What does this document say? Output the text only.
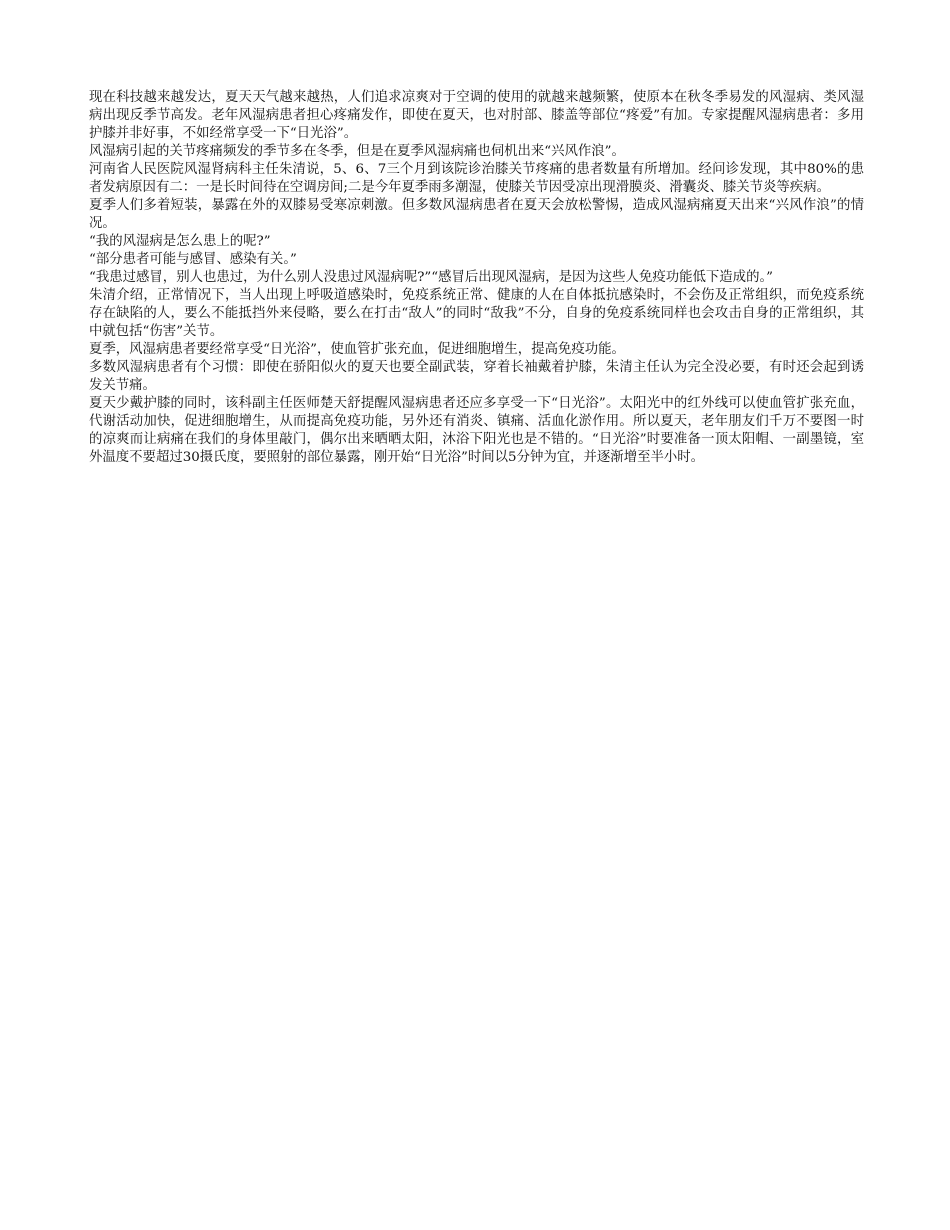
现在科技越来越发达，夏天天气越来越热，人们追求凉爽对于空调的使用的就越来越频繁，使原本在秋冬季易发的风湿病、类风湿病出现反季节高发。老年风湿病患者担心疼痛发作，即使在夏天，也对肘部、膝盖等部位“疼爱”有加。专家提醒风湿病患者：多用护膝并非好事，不如经常享受一下“日光浴”。

风湿病引起的关节疼痛频发的季节多在冬季，但是在夏季风湿病痛也伺机出来“兴风作浪”。

河南省人民医院风湿肾病科主任朱清说，5、6、7三个月到该院诊治膝关节疼痛的患者数量有所增加。经问诊发现，其中80%的患者发病原因有二：一是长时间待在空调房间;二是今年夏季雨多潮湿，使膝关节因受凉出现滑膜炎、滑囊炎、膝关节炎等疾病。

夏季人们多着短装，暴露在外的双膝易受寒凉刺激。但多数风湿病患者在夏天会放松警惕，造成风湿病痛夏天出来“兴风作浪”的情况。

“我的风湿病是怎么患上的呢?”

“部分患者可能与感冒、感染有关。”

“我患过感冒，别人也患过，为什么别人没患过风湿病呢?”“感冒后出现风湿病，是因为这些人免疫功能低下造成的。”

朱清介绍，正常情况下，当人出现上呼吸道感染时，免疫系统正常、健康的人在自体抵抗感染时，不会伤及正常组织，而免疫系统存在缺陷的人，要么不能抵挡外来侵略，要么在打击“敌人”的同时“敌我”不分，自身的免疫系统同样也会攻击自身的正常组织，其中就包括“伤害”关节。

夏季，风湿病患者要经常享受“日光浴”，使血管扩张充血，促进细胞增生，提高免疫功能。

多数风湿病患者有个习惯：即使在骄阳似火的夏天也要全副武装，穿着长袖戴着护膝，朱清主任认为完全没必要，有时还会起到诱发关节痛。

夏天少戴护膝的同时，该科副主任医师楚天舒提醒风湿病患者还应多享受一下“日光浴”。太阳光中的红外线可以使血管扩张充血，代谢活动加快，促进细胞增生，从而提高免疫功能，另外还有消炎、镇痛、活血化淤作用。所以夏天，老年朋友们千万不要图一时的凉爽而让病痛在我们的身体里敲门，偶尔出来晒晒太阳，沐浴下阳光也是不错的。“日光浴”时要准备一顶太阳帽、一副墨镜，室外温度不要超过30摄氏度，要照射的部位暴露，刚开始“日光浴”时间以5分钟为宜，并逐渐增至半小时。
